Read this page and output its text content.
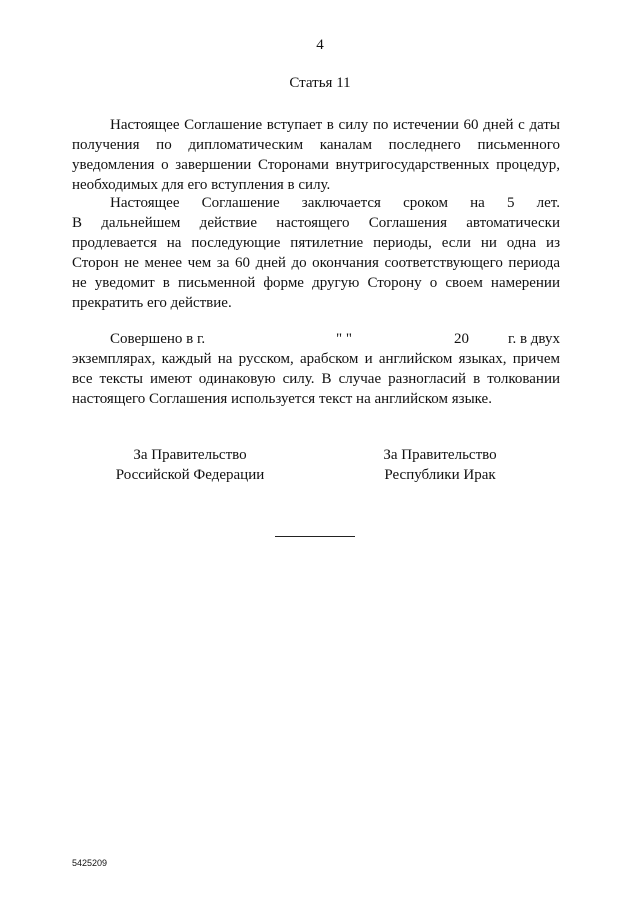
4
Статья 11
Настоящее Соглашение вступает в силу по истечении 60 дней с даты
получения по дипломатическим каналам последнего письменного
уведомления о завершении Сторонами внутригосударственных процедур,
необходимых для его вступления в силу.
Настоящее Соглашение заключается сроком на 5 лет.
В дальнейшем действие настоящего Соглашения автоматически
продлевается на последующие пятилетние периоды, если ни одна из
Сторон не менее чем за 60 дней до окончания соответствующего периода
не уведомит в письменной форме другую Сторону о своем намерении
прекратить его действие.
Совершено в г.	" "	20	г. в двух
экземплярах, каждый на русском, арабском и английском языках, причем
все тексты имеют одинаковую силу. В случае разногласий в толковании
настоящего Соглашения используется текст на английском языке.
За Правительство
Российской Федерации
За Правительство
Республики Ирак
5425209
